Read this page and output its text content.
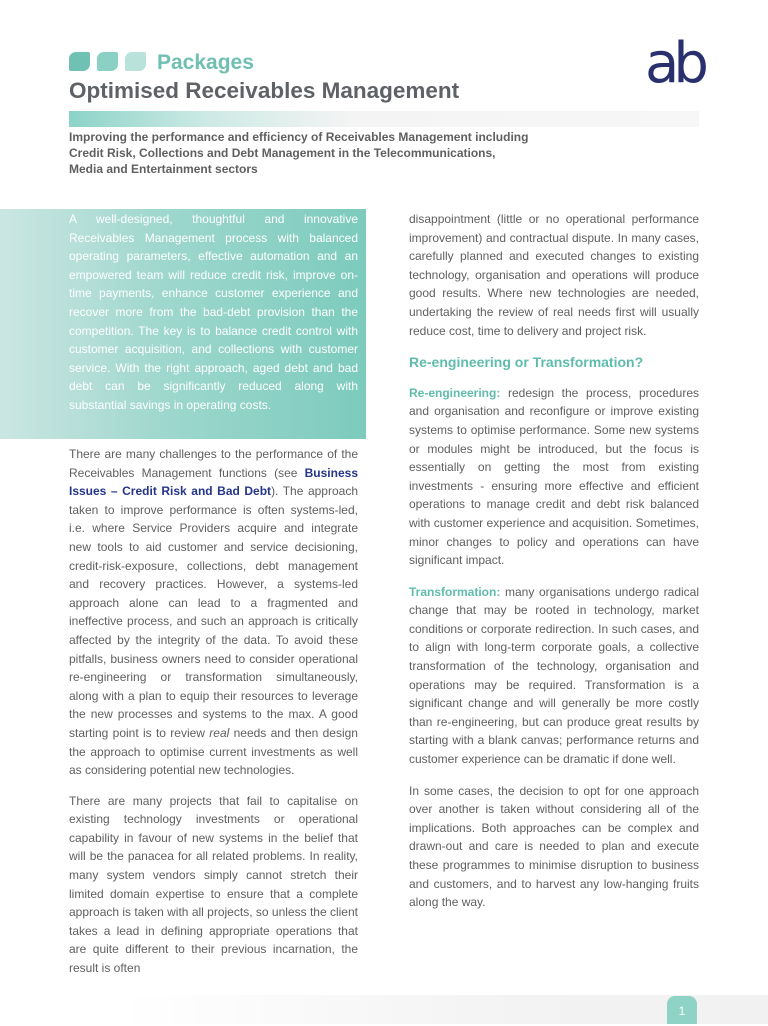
Packages
Optimised Receivables Management	ab

Improving the performance and efficiency of Receivables Management including Credit Risk, Collections and Debt Management in the Telecommunications, Media and Entertainment sectors

A well-designed, thoughtful and innovative Receivables Management process with balanced operating parameters, effective automation and an empowered team will reduce credit risk, improve on-time payments, enhance customer experience and recover more from the bad-debt provision than the competition. The key is to balance credit control with customer acquisition, and collections with customer service. With the right approach, aged debt and bad debt can be significantly reduced along with substantial savings in operating costs.

There are many challenges to the performance of the Receivables Management functions (see Business Issues – Credit Risk and Bad Debt). The approach taken to improve performance is often systems-led, i.e. where Service Providers acquire and integrate new tools to aid customer and service decisioning, credit-risk-exposure, collections, debt management and recovery practices. However, a systems-led approach alone can lead to a fragmented and ineffective process, and such an approach is critically affected by the integrity of the data. To avoid these pitfalls, business owners need to consider operational re-engineering or transformation simultaneously, along with a plan to equip their resources to leverage the new processes and systems to the max. A good starting point is to review real needs and then design the approach to optimise current investments as well as considering potential new technologies.

There are many projects that fail to capitalise on existing technology investments or operational capability in favour of new systems in the belief that will be the panacea for all related problems. In reality, many system vendors simply cannot stretch their limited domain expertise to ensure that a complete approach is taken with all projects, so unless the client takes a lead in defining appropriate operations that are quite different to their previous incarnation, the result is often

disappointment (little or no operational performance improvement) and contractual dispute. In many cases, carefully planned and executed changes to existing technology, organisation and operations will produce good results. Where new technologies are needed, undertaking the review of real needs first will usually reduce cost, time to delivery and project risk.

Re-engineering or Transformation?

Re-engineering: redesign the process, procedures and organisation and reconfigure or improve existing systems to optimise performance. Some new systems or modules might be introduced, but the focus is essentially on getting the most from existing investments - ensuring more effective and efficient operations to manage credit and debt risk balanced with customer experience and acquisition. Sometimes, minor changes to policy and operations can have significant impact.

Transformation: many organisations undergo radical change that may be rooted in technology, market conditions or corporate redirection. In such cases, and to align with long-term corporate goals, a collective transformation of the technology, organisation and operations may be required. Transformation is a significant change and will generally be more costly than re-engineering, but can produce great results by starting with a blank canvas; performance returns and customer experience can be dramatic if done well.

In some cases, the decision to opt for one approach over another is taken without considering all of the implications. Both approaches can be complex and drawn-out and care is needed to plan and execute these programmes to minimise disruption to business and customers, and to harvest any low-hanging fruits along the way.

1
